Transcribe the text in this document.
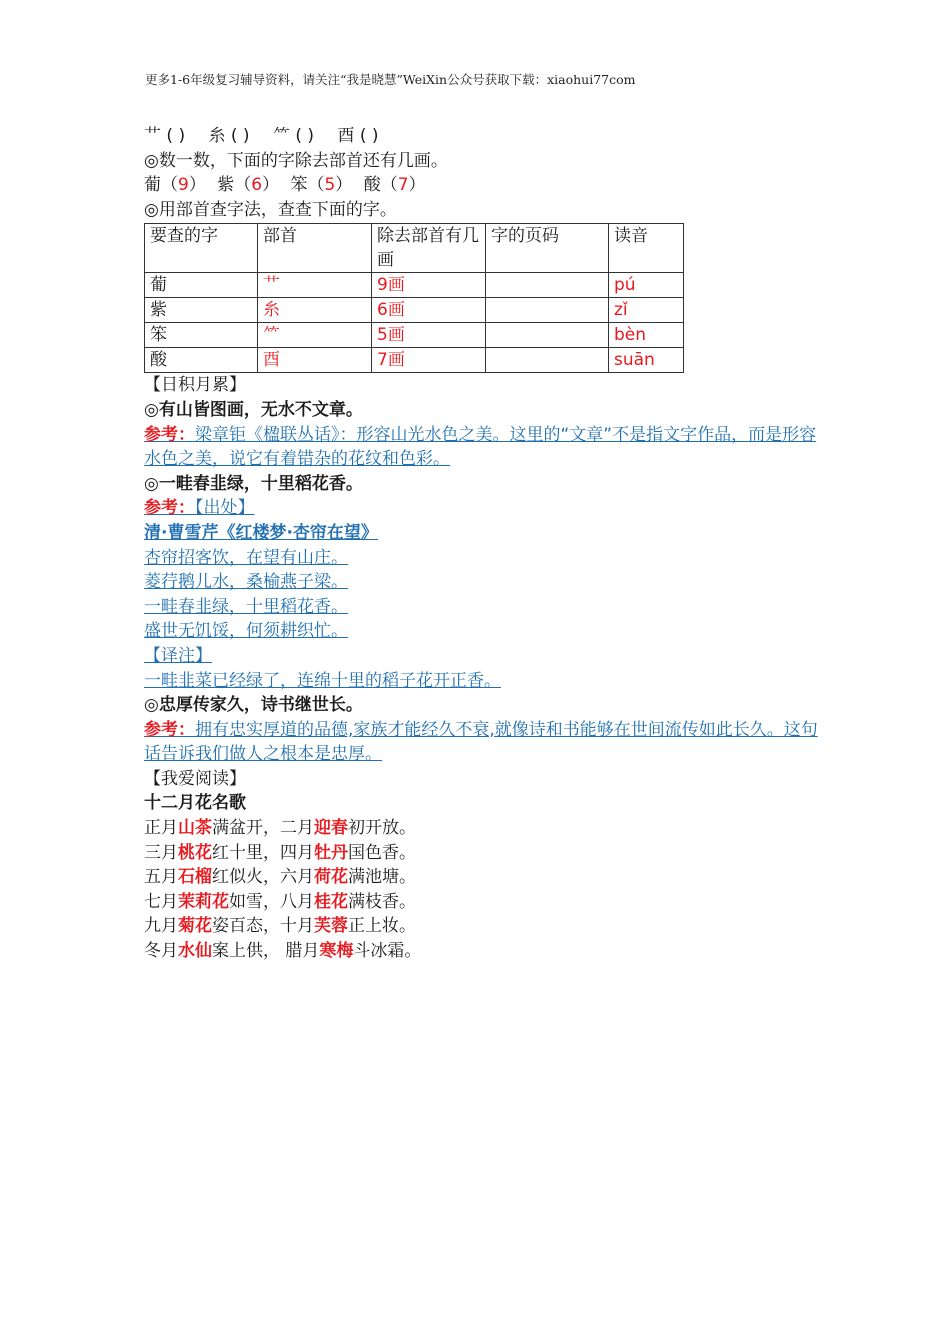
更多1-6年级复习辅导资料，请关注“我是晓慧”WeiXin公众号获取下载：xiaohui77com
艹 ( ) 糸 ( ) ⺮ ( ) 酉 ( )
◎数一数，下面的字除去部首还有几画。
葡（9） 紫（6） 笨（5） 酸（7）
◎用部首查字法，查查下面的字。
要查的字	部首	除去部首有几画	字的页码	读音
葡	艹	9画		pú
紫	糸	6画		zǐ
笨	⺮	5画		bèn
酸	酉	7画		suān
【日积月累】
◎有山皆图画，无水不文章。
参考：梁章钜《楹联丛话》：形容山光水色之美。这里的“文章”不是指文字作品，而是形容水色之美，说它有着错杂的花纹和色彩。
◎一畦春韭绿，十里稻花香。
参考：【出处】
清·曹雪芹《红楼梦·杏帘在望》
杏帘招客饮，在望有山庄。
菱荇鹅儿水，桑榆燕子梁。
一畦春韭绿，十里稻花香。
盛世无饥馁，何须耕织忙。
【译注】
一畦韭菜已经绿了，连绵十里的稻子花开正香。
◎忠厚传家久，诗书继世长。
参考：拥有忠实厚道的品德,家族才能经久不衰,就像诗和书能够在世间流传如此长久。这句话告诉我们做人之根本是忠厚。
【我爱阅读】
十二月花名歌
正月山茶满盆开，二月迎春初开放。
三月桃花红十里，四月牡丹国色香。
五月石榴红似火，六月荷花满池塘。
七月茉莉花如雪，八月桂花满枝香。
九月菊花姿百态，十月芙蓉正上妆。
冬月水仙案上供， 腊月寒梅斗冰霜。
